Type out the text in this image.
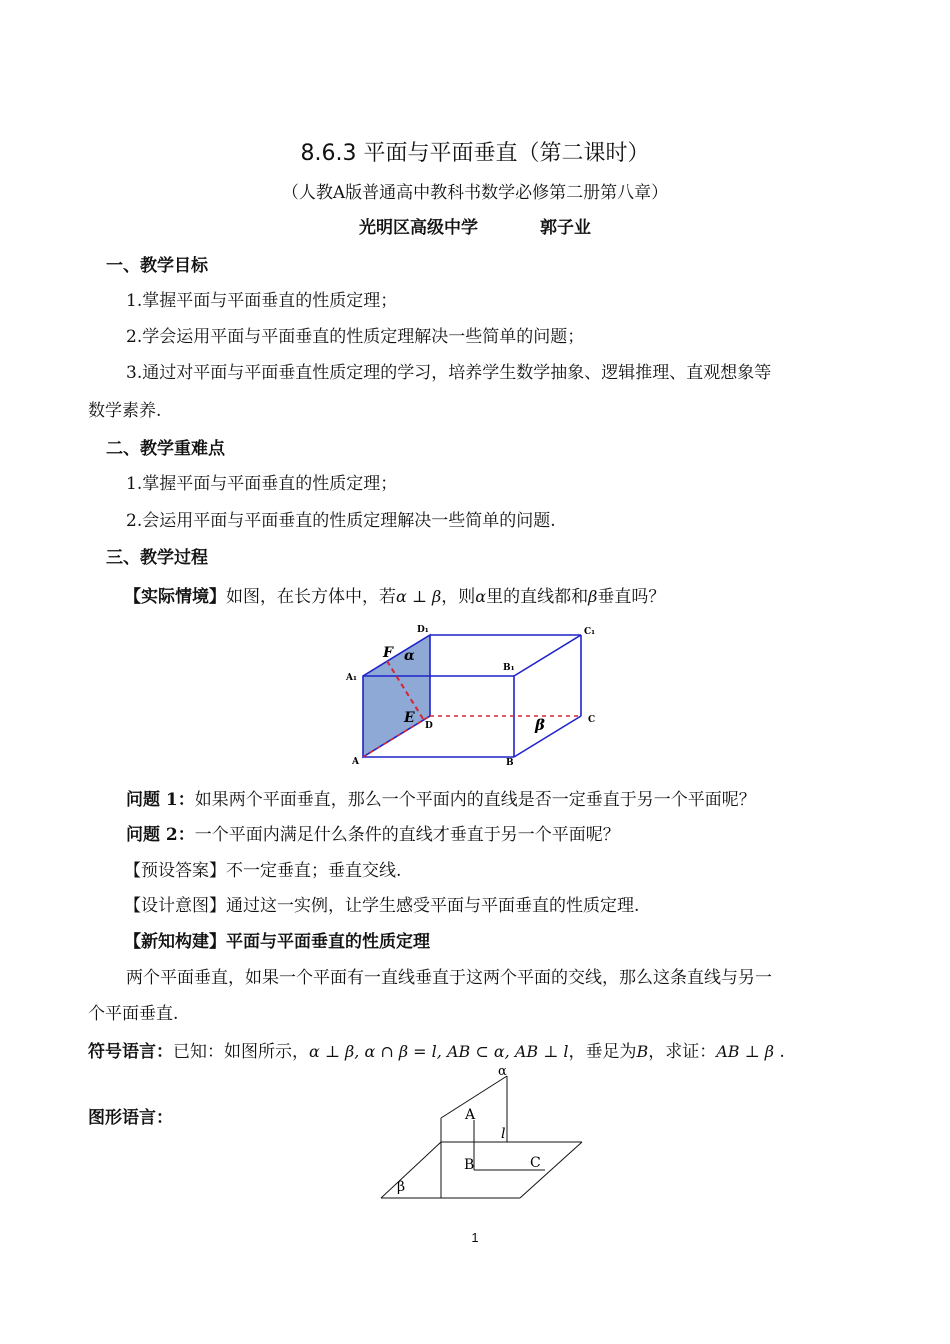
8.6.3 平面与平面垂直（第二课时）
（人教A版普通高中教科书数学必修第二册第八章）
光明区高级中学	郭子业
一、教学目标
1.掌握平面与平面垂直的性质定理；
2.学会运用平面与平面垂直的性质定理解决一些简单的问题；
3.通过对平面与平面垂直性质定理的学习，培养学生数学抽象、逻辑推理、直观想象等
数学素养.
二、教学重难点
1.掌握平面与平面垂直的性质定理；
2.会运用平面与平面垂直的性质定理解决一些简单的问题.
三、教学过程
【实际情境】如图，在长方体中，若α ⊥ β，则α里的直线都和β垂直吗？
D₁	C₁
F α
A₁
B₁
E D
C
β
A	B
问题 1：如果两个平面垂直，那么一个平面内的直线是否一定垂直于另一个平面呢？
问题 2：一个平面内满足什么条件的直线才垂直于另一个平面呢？
【预设答案】不一定垂直；垂直交线.
【设计意图】通过这一实例，让学生感受平面与平面垂直的性质定理.
【新知构建】平面与平面垂直的性质定理
两个平面垂直，如果一个平面有一直线垂直于这两个平面的交线，那么这条直线与另一
个平面垂直.
符号语言：已知：如图所示，α ⊥ β, α ∩ β = l, AB ⊂ α, AB ⊥ l，垂足为B，求证：AB ⊥ β .
图形语言：
α
A
l
B	C
β
1
